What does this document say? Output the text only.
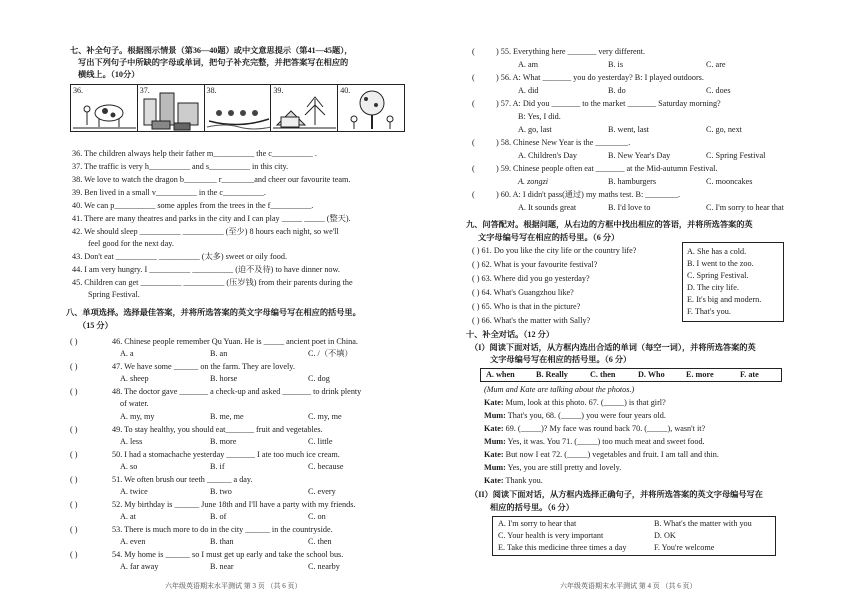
七、补全句子。根据图示情景（第36—40题）或中文意思提示（第41—45题），
写出下列句子中所缺的字母或单词，把句子补充完整，并把答案写在相应的
横线上。（10分）
36.	37.	38.	39.	40.
36. The children always help their father m__________ the c__________ .
37. The traffic is very h__________ and s__________ in this city.
38. We love to watch the dragon b________ r________and cheer our favourite team.
39. Ben lived in a small v__________ in the c__________.
40. We can p__________ some apples from the trees in the f__________.
41. There are many theatres and parks in the city and I can play _____ _____ (整天).
42. We should sleep __________ __________ (至少) 8 hours each night, so we'll
feel good for the next day.
43. Don't eat __________ __________ (太多) sweet or oily food.
44. I am very hungry. I __________ __________ (迫不及待) to have dinner now.
45. Children can get __________ __________ (压岁钱) from their parents during the
Spring Festival.
八、单项选择。选择最佳答案，并将所选答案的英文字母编号写在相应的括号里。
（15 分）
( )	46. Chinese people remember Qu Yuan. He is _____ ancient poet in China.
A. a	B. an	C. /（不填）
( )	47. We have some ______ on the farm. They are lovely.
A. sheep	B. horse	C. dog
( )	48. The doctor gave _______ a check-up and asked _______ to drink plenty
of water.
A. my, my	B. me, me	C. my, me
( )	49. To stay healthy, you should eat_______ fruit and vegetables.
A. less	B. more	C. little
( )	50. I had a stomachache yesterday _______ I ate too much ice cream.
A. so	B. if	C. because
( )	51. We often brush our teeth ______ a day.
A. twice	B. two	C. every
( )	52. My birthday is ______ June 18th and I'll have a party with my friends.
A. at	B. of	C. on
( )	53. There is much more to do in the city ______ in the countryside.
A. even	B. than	C. then
( )	54. My home is ______ so I must get up early and take the school bus.
A. far away	B. near	C. nearby
六年级英语期末水平测试 第 3 页 （共 6 页）
(	) 55. Everything here _______ very different.
A. am	B. is	C. are
(	) 56. A: What _______ you do yesterday? B: I played outdoors.
A. did	B. do	C. does
(	) 57. A: Did you _______ to the market _______ Saturday morning?
B: Yes, I did.
A. go, last	B. went, last	C. go, next
(	) 58. Chinese New Year is the ________.
A. Children's Day	B. New Year's Day	C. Spring Festival
(	) 59. Chinese people often eat _______ at the Mid-autumn Festival.
A. zongzi	B. hamburgers	C. mooncakes
(	) 60. A: I didn't pass(通过) my maths test. B: ________.
A. It sounds great	B. I'd love to	C. I'm sorry to hear that
九、问答配对。根据问题，从右边的方框中找出相应的答语，并将所选答案的英
文字母编号写在相应的括号里。（6 分）
( ) 61. Do you like the city life or the country life?
( ) 62. What is your favourite festival?
( ) 63. Where did you go yesterday?
( ) 64. What's Guangzhou like?
( ) 65. Who is that in the picture?
( ) 66. What's the matter with Sally?
A. She has a cold.
B. I went to the zoo.
C. Spring Festival.
D. The city life.
E. It's big and modern.
F. That's you.
十、补全对话。（12 分）
（I）阅读下面对话，从方框内选出合适的单词（每空一词），并将所选答案的英
文字母编号写在相应的括号里。（6 分）
A. when	B. Really	C. then	D. Who	E. more	F. ate
(Mum and Kate are talking about the photos.)
Kate: Mum, look at this photo. 67. (_____) is that girl?
Mum: That's you, 68. (_____) you were four years old.
Kate: 69. (_____)? My face was round back 70. (_____), wasn't it?
Mum: Yes, it was. You 71. (_____) too much meat and sweet food.
Kate: But now I eat 72. (_____) vegetables and fruit. I am tall and thin.
Mum: Yes, you are still pretty and lovely.
Kate: Thank you.
（II）阅读下面对话，从方框内选择正确句子，并将所选答案的英文字母编号写在
相应的括号里。（6 分）
A. I'm sorry to hear that	B. What's the matter with you
C. Your health is very important	D. OK
E. Take this medicine three times a day	F. You're welcome
六年级英语期末水平测试 第 4 页 （共 6 页）
